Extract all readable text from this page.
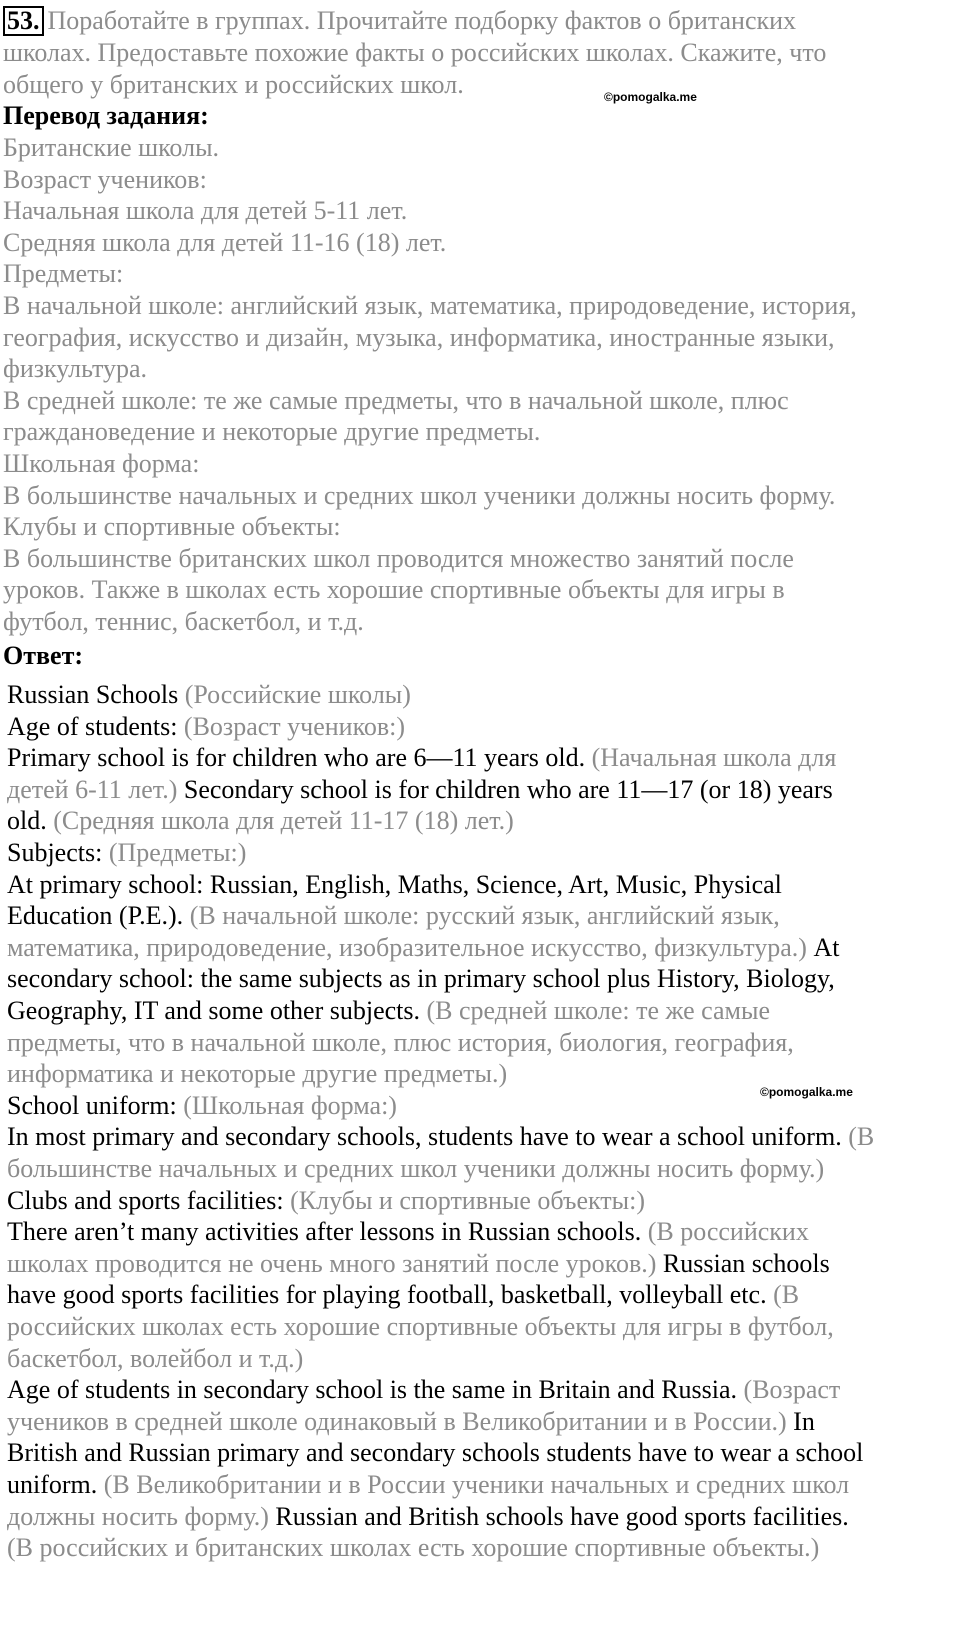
53. Поработайте в группах. Прочитайте подборку фактов о британских
школах. Предоставьте похожие факты о российских школах. Скажите, что
общего у британских и российских школ.	©pomogalka.me
Перевод задания:
Британские школы.
Возраст учеников:
Начальная школа для детей 5-11 лет.
Средняя школа для детей 11-16 (18) лет.
Предметы:
В начальной школе: английский язык, математика, природоведение, история,
география, искусство и дизайн, музыка, информатика, иностранные языки,
физкультура.
В средней школе: те же самые предметы, что в начальной школе, плюс
граждановедение и некоторые другие предметы.
Школьная форма:
В большинстве начальных и средних школ ученики должны носить форму.
Клубы и спортивные объекты:
В большинстве британских школ проводится множество занятий после
уроков. Также в школах есть хорошие спортивные объекты для игры в
футбол, теннис, баскетбол, и т.д.
Ответ:
Russian Schools (Российские школы)
Age of students: (Возраст учеников:)
Primary school is for children who are 6—11 years old. (Начальная школа для
детей 6-11 лет.) Secondary school is for children who are 11—17 (or 18) years
old. (Средняя школа для детей 11-17 (18) лет.)
Subjects: (Предметы:)
At primary school: Russian, English, Maths, Science, Art, Music, Physical
Education (P.E.). (В начальной школе: русский язык, английский язык,
математика, природоведение, изобразительное искусство, физкультура.) At
secondary school: the same subjects as in primary school plus History, Biology,
Geography, IT and some other subjects. (В средней школе: те же самые
предметы, что в начальной школе, плюс история, биология, география,
информатика и некоторые другие предметы.)
School uniform: (Школьная форма:)
In most primary and secondary schools, students have to wear a school uniform. (В
большинстве начальных и средних школ ученики должны носить форму.)
Clubs and sports facilities: (Клубы и спортивные объекты:)
There aren’t many activities after lessons in Russian schools. (В российских
школах проводится не очень много занятий после уроков.) Russian schools
have good sports facilities for playing football, basketball, volleyball etc. (В
российских школах есть хорошие спортивные объекты для игры в футбол,
баскетбол, волейбол и т.д.)
Age of students in secondary school is the same in Britain and Russia. (Возраст
учеников в средней школе одинаковый в Великобритании и в России.) In
British and Russian primary and secondary schools students have to wear a school
uniform. (В Великобритании и в России ученики начальных и средних школ
должны носить форму.) Russian and British schools have good sports facilities.
(В российских и британских школах есть хорошие спортивные объекты.)
©pomogalka.me
